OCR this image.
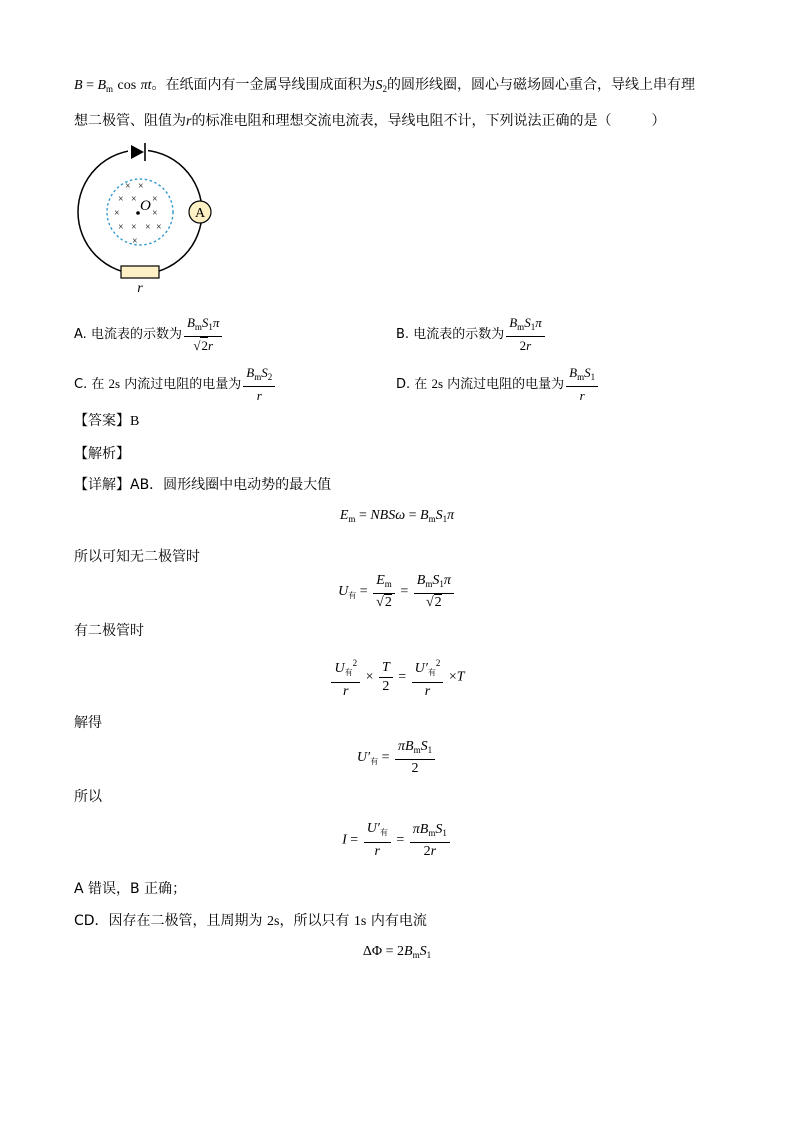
$B = B_m$ cos πt。在纸面内有一金属导线围成面积为$S_2$的圆形线圈，圆心与磁场圆心重合，导线上串有理
想二极管、阻值为r的标准电阻和理想交流电流表，导线电阻不计，下列说法正确的是（	）
A
r
O
× ×
× × ×
×	×
× × × ×
×
A. 电流表的示数为 $\frac{B_mS_1\pi}{√2r}$	B. 电流表的示数为 $\frac{B_mS_1\pi}{2r}$
C. 在 2s 内流过电阻的电量为 $\frac{B_mS_2}{r}$	D. 在 2s 内流过电阻的电量为 $\frac{B_mS_1}{r}$
【答案】B
【解析】
【详解】AB．圆形线圈中电动势的最大值
$E_m = NBS\omega = B_mS_1\pi$
所以可知无二极管时
$U_有 = \frac{E_m}{√2} = \frac{B_mS_1\pi}{√2}$
有二极管时
$\frac{U_有^2}{r} \times \frac{T}{2} = \frac{U'_有^2}{r} \times T$
解得
$U'_有 = \frac{\pi B_mS_1}{2}$
所以
$I = \frac{U'_有}{r} = \frac{\pi B_mS_1}{2r}$
A 错误，B 正确；
CD．因存在二极管，且周期为 2s，所以只有 1s 内有电流
$\Delta\Phi = 2B_mS_1$
